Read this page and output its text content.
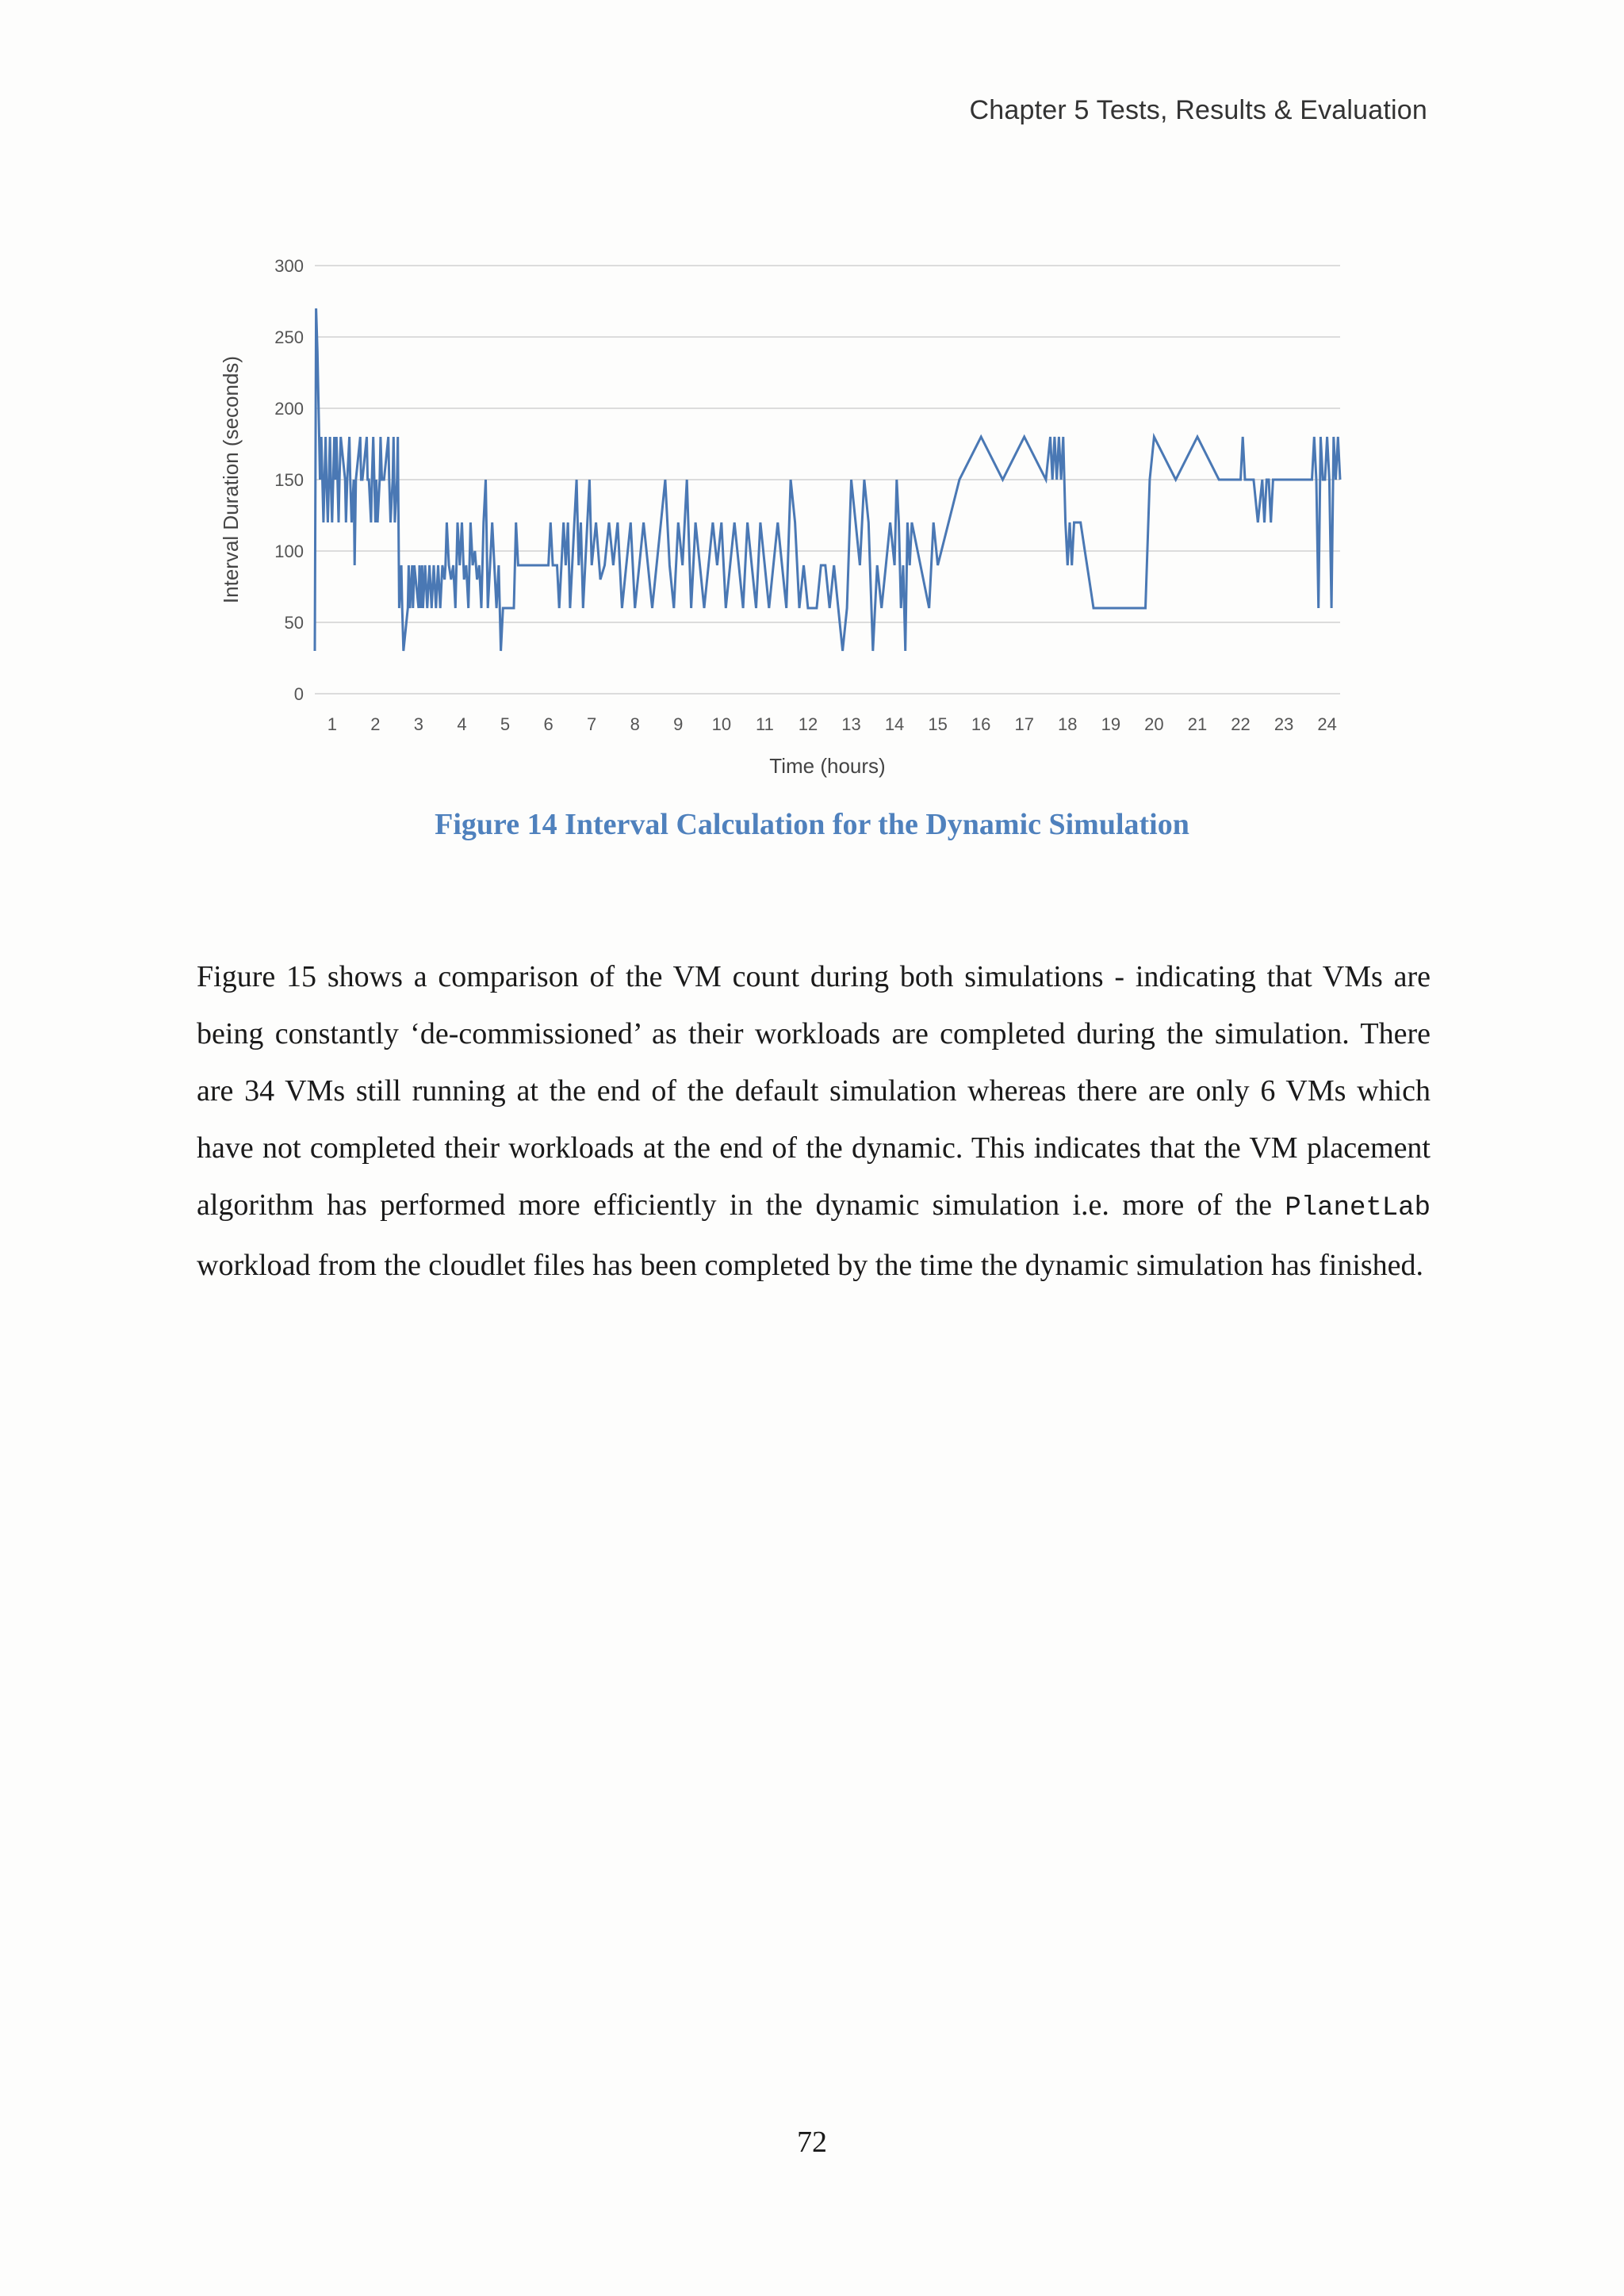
Chapter 5 Tests, Results & Evaluation
0
50
100
150
200
250
300
1 2 3 4 5 6 7 8 9 10 11 12 13 14 15 16 17 18 19 20 21 22 23 24
Time (hours)
Interval Duration (seconds)
Figure 14 Interval Calculation for the Dynamic Simulation
Figure 15 shows a comparison of the VM count during both simulations - indicating that VMs are being constantly ‘de-commissioned’ as their workloads are completed during the simulation. There are 34 VMs still running at the end of the default simulation whereas there are only 6 VMs which have not completed their workloads at the end of the dynamic. This indicates that the VM placement algorithm has performed more efficiently in the dynamic simulation i.e. more of the PlanetLab workload from the cloudlet files has been completed by the time the dynamic simulation has finished.
72
